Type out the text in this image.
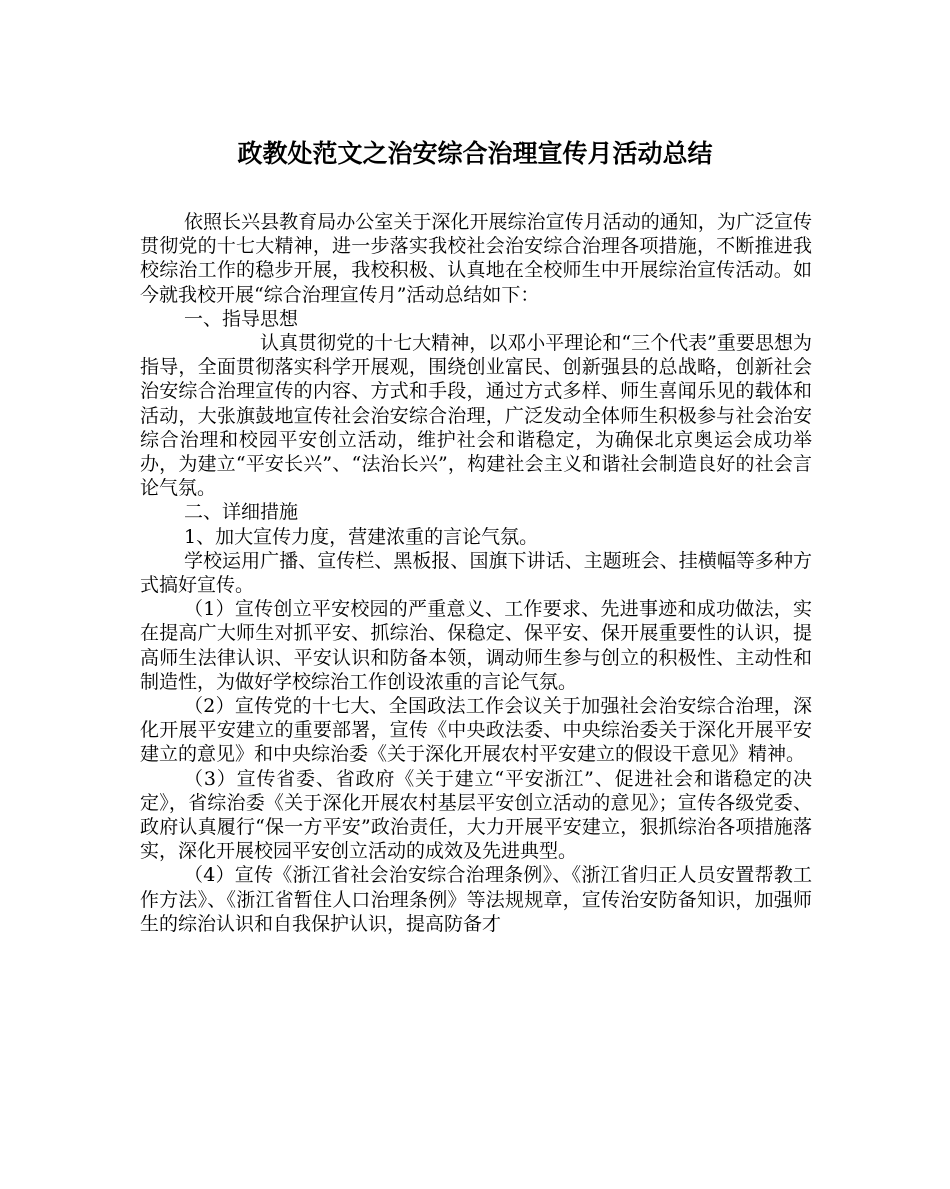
政教处范文之治安综合治理宣传月活动总结

依照长兴县教育局办公室关于深化开展综治宣传月活动的通知，为广泛宣传贯彻党的十七大精神，进一步落实我校社会治安综合治理各项措施，不断推进我校综治工作的稳步开展，我校积极、认真地在全校师生中开展综治宣传活动。如今就我校开展“综合治理宣传月”活动总结如下：

一、指导思想

认真贯彻党的十七大精神，以邓小平理论和“三个代表”重要思想为指导，全面贯彻落实科学开展观，围绕创业富民、创新强县的总战略，创新社会治安综合治理宣传的内容、方式和手段，通过方式多样、师生喜闻乐见的载体和活动，大张旗鼓地宣传社会治安综合治理，广泛发动全体师生积极参与社会治安综合治理和校园平安创立活动，维护社会和谐稳定，为确保北京奥运会成功举办，为建立“平安长兴”、“法治长兴”，构建社会主义和谐社会制造良好的社会言论气氛。

二、详细措施

1、加大宣传力度，营建浓重的言论气氛。

学校运用广播、宣传栏、黑板报、国旗下讲话、主题班会、挂横幅等多种方式搞好宣传。

（1）宣传创立平安校园的严重意义、工作要求、先进事迹和成功做法，实在提高广大师生对抓平安、抓综治、保稳定、保平安、保开展重要性的认识，提高师生法律认识、平安认识和防备本领，调动师生参与创立的积极性、主动性和制造性，为做好学校综治工作创设浓重的言论气氛。

（2）宣传党的十七大、全国政法工作会议关于加强社会治安综合治理，深化开展平安建立的重要部署，宣传《中央政法委、中央综治委关于深化开展平安建立的意见》和中央综治委《关于深化开展农村平安建立的假设干意见》精神。

（3）宣传省委、省政府《关于建立“平安浙江”、促进社会和谐稳定的决定》，省综治委《关于深化开展农村基层平安创立活动的意见》；宣传各级党委、政府认真履行“保一方平安”政治责任，大力开展平安建立，狠抓综治各项措施落实，深化开展校园平安创立活动的成效及先进典型。

（4）宣传《浙江省社会治安综合治理条例》、《浙江省归正人员安置帮教工作方法》、《浙江省暂住人口治理条例》等法规规章，宣传治安防备知识，加强师生的综治认识和自我保护认识，提高防备才
